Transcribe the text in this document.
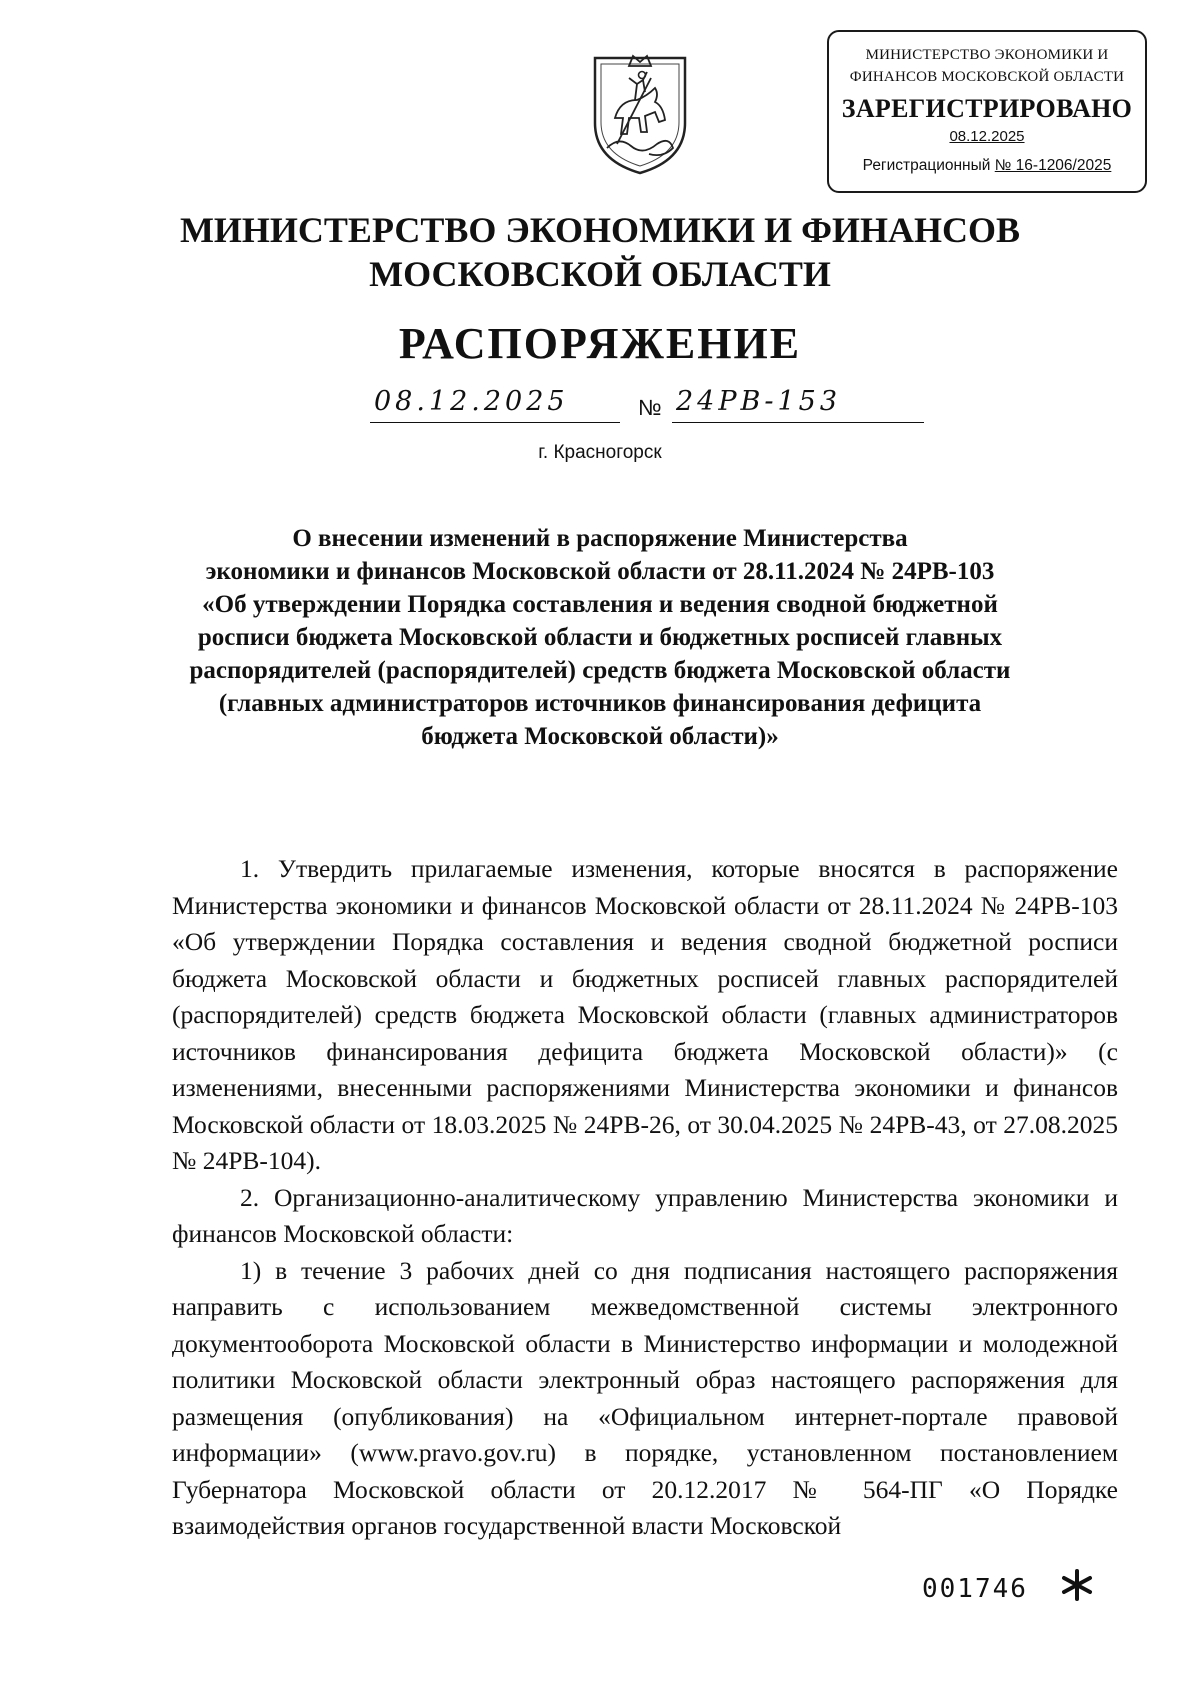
МИНИСТЕРСТВО ЭКОНОМИКИ И
ФИНАНСОВ МОСКОВСКОЙ ОБЛАСТИ
ЗАРЕГИСТРИРОВАНО
08.12.2025
Регистрационный № 16-1206/2025
МИНИСТЕРСТВО ЭКОНОМИКИ И ФИНАНСОВ
МОСКОВСКОЙ ОБЛАСТИ
РАСПОРЯЖЕНИЕ
08.12.2025	№ 24РВ-153
г. Красногорск
О внесении изменений в распоряжение Министерства
экономики и финансов Московской области от 28.11.2024 № 24РВ-103
«Об утверждении Порядка составления и ведения сводной бюджетной
росписи бюджета Московской области и бюджетных росписей главных
распорядителей (распорядителей) средств бюджета Московской области
(главных администраторов источников финансирования дефицита
бюджета Московской области)»

1. Утвердить прилагаемые изменения, которые вносятся в распоряжение Министерства экономики и финансов Московской области от 28.11.2024 № 24РВ-103 «Об утверждении Порядка составления и ведения сводной бюджетной росписи бюджета Московской области и бюджетных росписей главных распорядителей (распорядителей) средств бюджета Московской области (главных администраторов источников финансирования дефицита бюджета Московской области)» (с изменениями, внесенными распоряжениями Министерства экономики и финансов Московской области от 18.03.2025 № 24РВ-26, от 30.04.2025 № 24РВ-43, от 27.08.2025 № 24РВ-104).

2. Организационно-аналитическому управлению Министерства экономики и финансов Московской области:

1) в течение 3 рабочих дней со дня подписания настоящего распоряжения направить с использованием межведомственной системы электронного документооборота Московской области в Министерство информации и молодежной политики Московской области электронный образ настоящего распоряжения для размещения (опубликования) на «Официальном интернет-портале правовой информации» (www.pravo.gov.ru) в порядке, установленном постановлением Губернатора Московской области от 20.12.2017 № 564-ПГ «О Порядке взаимодействия органов государственной власти Московской

001746
